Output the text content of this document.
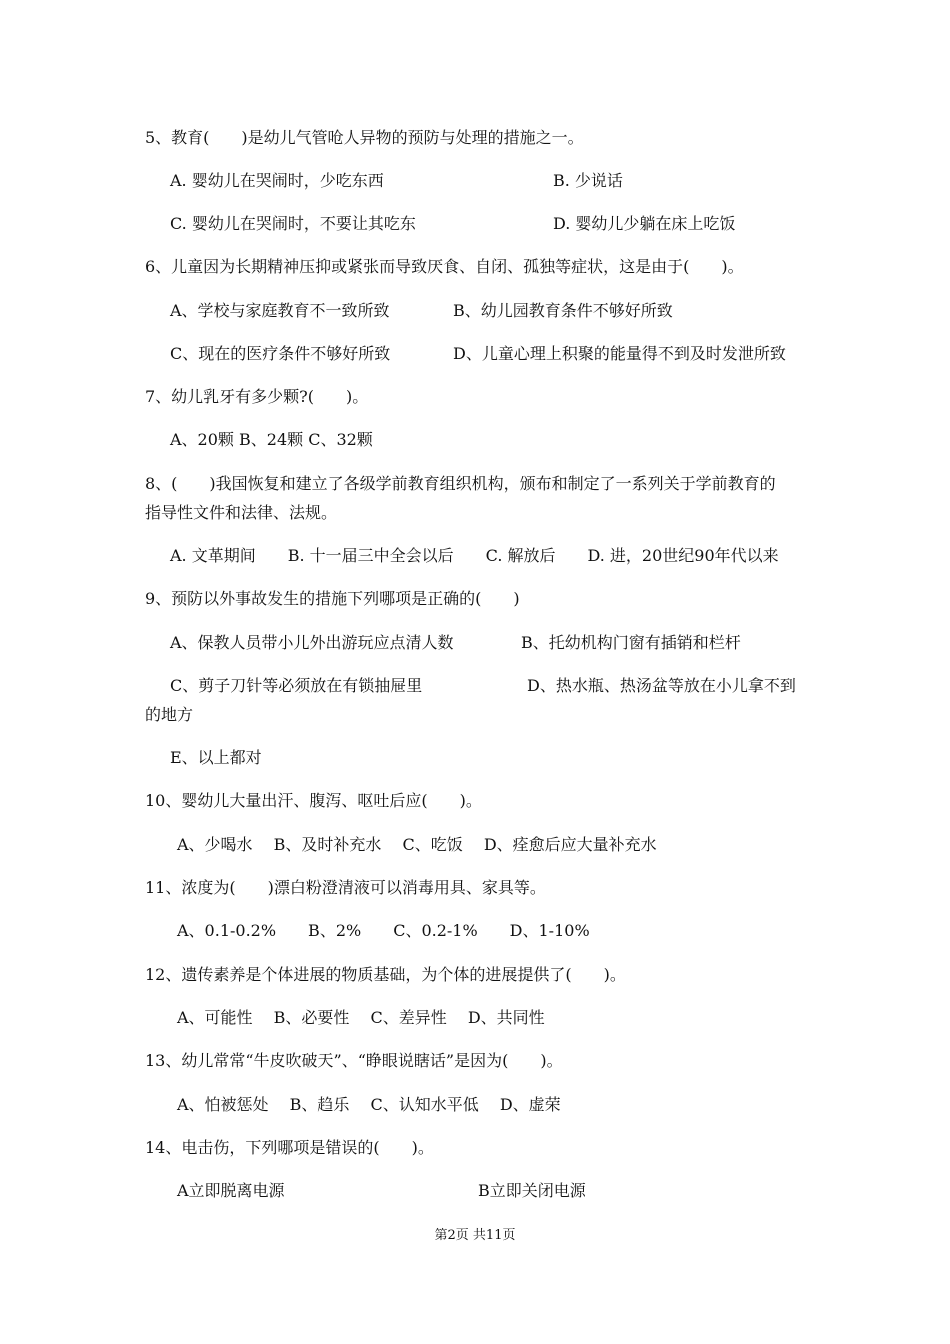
5、教育(　　)是幼儿气管呛人异物的预防与处理的措施之一。
A. 婴幼儿在哭闹时，少吃东西	B. 少说话
C. 婴幼儿在哭闹时，不要让其吃东	D. 婴幼儿少躺在床上吃饭
6、儿童因为长期精神压抑或紧张而导致厌食、自闭、孤独等症状，这是由于(　　)。
A、学校与家庭教育不一致所致	B、幼儿园教育条件不够好所致
C、现在的医疗条件不够好所致	D、儿童心理上积聚的能量得不到及时发泄所致
7、幼儿乳牙有多少颗?(　　)。
A、20颗 B、24颗 C、32颗
8、(　　)我国恢复和建立了各级学前教育组织机构，颁布和制定了一系列关于学前教育的
指导性文件和法律、法规。
A. 文革期间　　B. 十一届三中全会以后　　C. 解放后　　D. 进，20世纪90年代以来
9、预防以外事故发生的措施下列哪项是正确的(　　)
A、保教人员带小儿外出游玩应点清人数	B、托幼机构门窗有插销和栏杆
C、剪子刀针等必须放在有锁抽屉里	D、热水瓶、热汤盆等放在小儿拿不到
的地方
E、以上都对
10、婴幼儿大量出汗、腹泻、呕吐后应(　　)。
A、少喝水　 B、及时补充水　 C、吃饭　 D、痊愈后应大量补充水
11、浓度为(　　)漂白粉澄清液可以消毒用具、家具等。
A、0.1-0.2%　　B、2%　　C、0.2-1%　　D、1-10%
12、遗传素养是个体进展的物质基础，为个体的进展提供了(　　)。
A、可能性　 B、必要性　 C、差异性　 D、共同性
13、幼儿常常“牛皮吹破天”、“睁眼说瞎话”是因为(　　)。
A、怕被惩处　 B、趋乐　 C、认知水平低　 D、虚荣
14、电击伤，下列哪项是错误的(　　)。
A立即脱离电源	B立即关闭电源
第2页 共11页
